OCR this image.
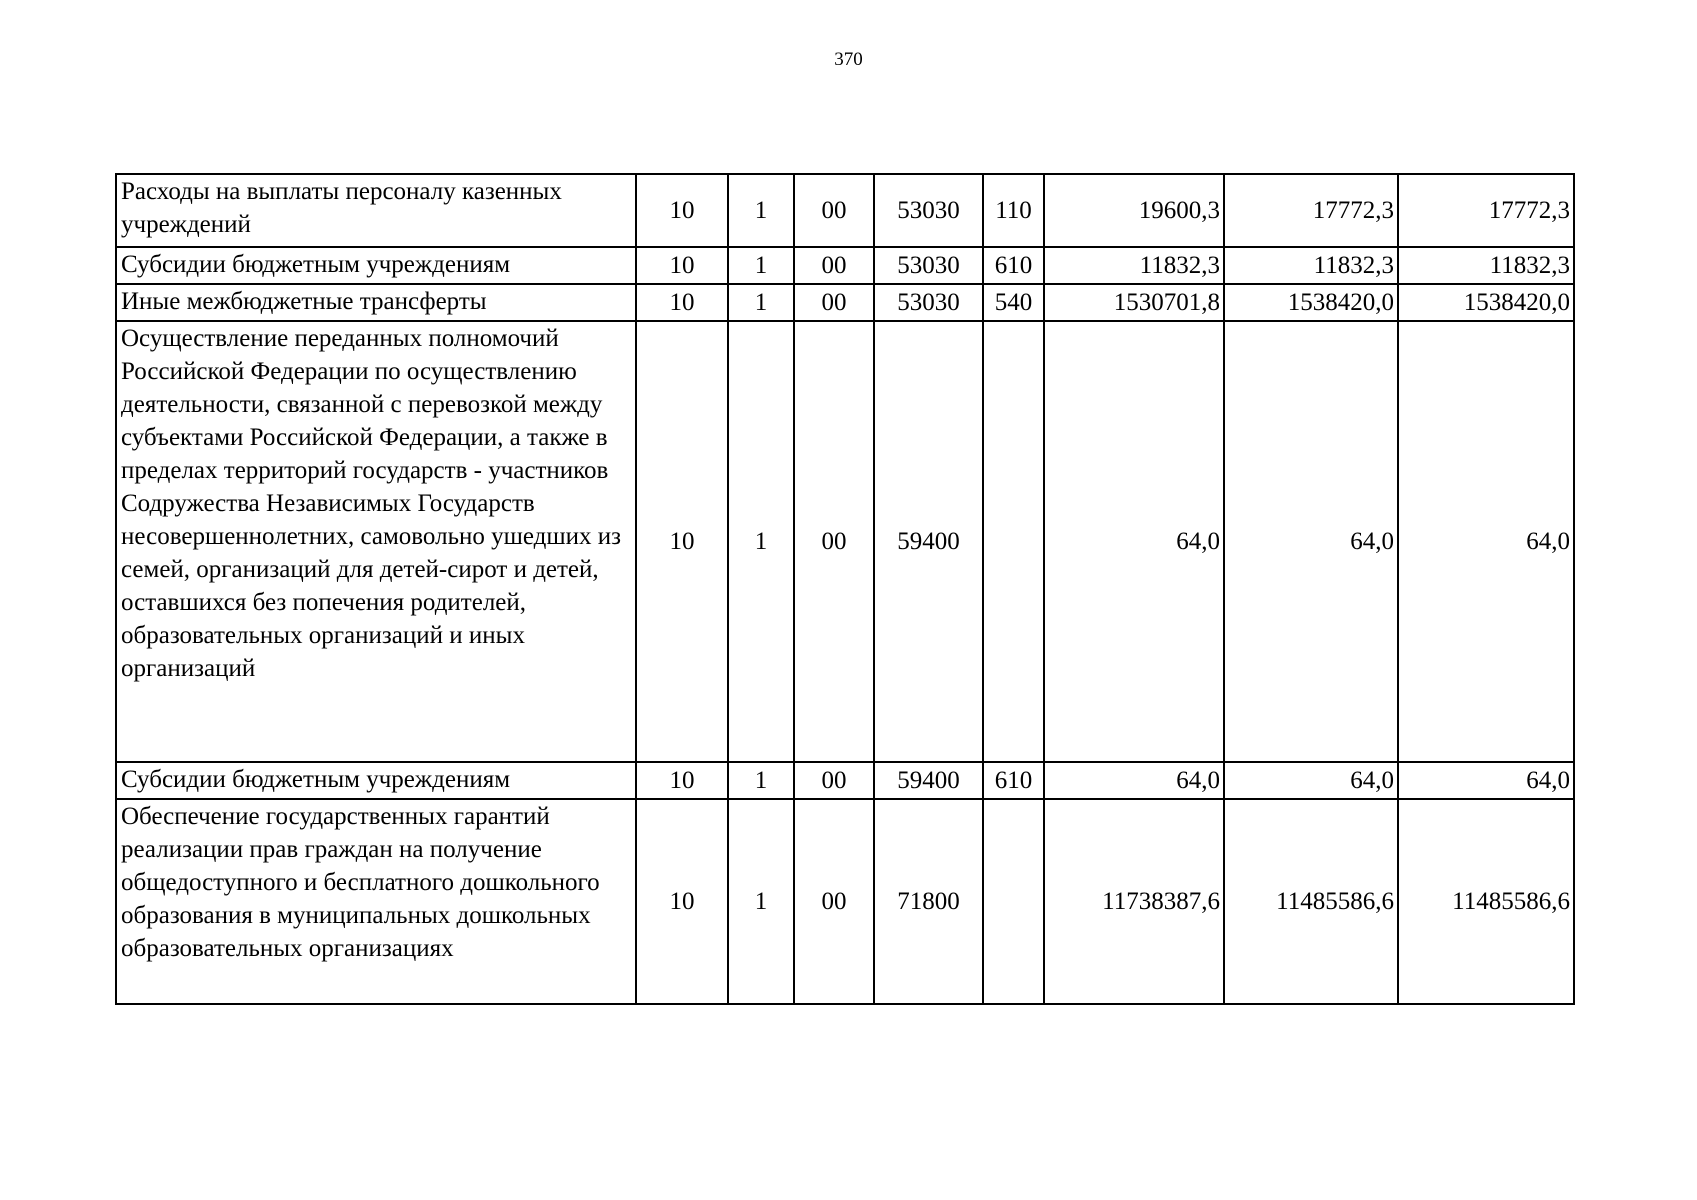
370
Расходы на выплаты персоналу казенных учреждений	10	1	00	53030	110	19600,3	17772,3	17772,3
Субсидии бюджетным учреждениям	10	1	00	53030	610	11832,3	11832,3	11832,3
Иные межбюджетные трансферты	10	1	00	53030	540	1530701,8	1538420,0	1538420,0
Осуществление переданных полномочий Российской Федерации по осуществлению деятельности, связанной с перевозкой между субъектами Российской Федерации, а также в пределах территорий государств - участников Содружества Независимых Государств несовершеннолетних, самовольно ушедших из семей, организаций для детей-сирот и детей, оставшихся без попечения родителей, образовательных организаций и иных организаций	10	1	00	59400		64,0	64,0	64,0
Субсидии бюджетным учреждениям	10	1	00	59400	610	64,0	64,0	64,0
Обеспечение государственных гарантий реализации прав граждан на получение общедоступного и бесплатного дошкольного образования в муниципальных дошкольных образовательных организациях	10	1	00	71800		11738387,6	11485586,6	11485586,6
